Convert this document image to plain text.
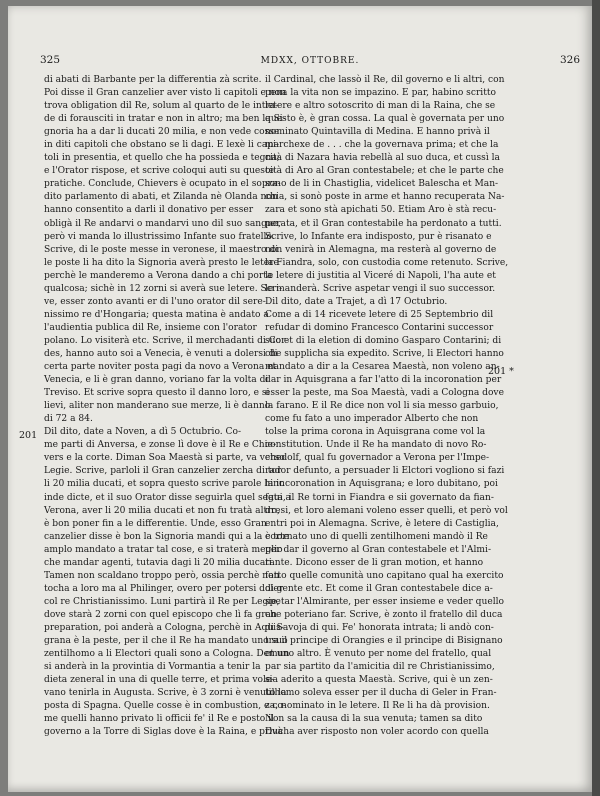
325	MDXX, OTTOBRE.	326
di abati di Barbante per la differentia zà scrite.
Poi disse il Gran canzelier aver visto li capitoli e non
trova obligation dil Re, solum al quarto de le intra-
de di forausciti in tratar e non in altro; ma ben la Si-
gnoria ha a dar li ducati 20 milia, e non vede cosse
in diti capitoli che obstano se li dagi. E lexè li capi-
toli in presentia, et quello che ha possieda e tegna;
e l'Orator rispose, et scrive coloqui auti su queste
pratiche. Conclude, Chievers è ocupato in el sopra-
dito parlamento di abati, et Zilanda nè Olanda non
hanno consentito a darli il donativo per esser
obligà il Re andarvi o mandarvi uno dil suo sangue,
però vi manda lo illustrissimo Infante suo fratello.
Scrive, di le poste messe in veronese, il maestro di
le poste li ha dito la Signoria averà presto le letere
perchè le manderemo a Verona dando a chi porta
qualcosa; sichè in 12 zorni si averà sue letere. Scri-
ve, esser zonto avanti er di l'uno orator dil sere-
nissimo re d'Hongaria; questa matina è andato a
l'audientia publica dil Re, insieme con l'orator
polano. Lo visiterà etc. Scrive, il merchadanti di Cor-
des, hanno auto soi a Venecia, è venuti a dolersi di
certa parte noviter posta pagi da novo a Verona et
Venecia, e li è gran danno, voriano far la volta di
Treviso. Et scrive sopra questo il danno loro, e si
lievi, aliter non manderano sue merze, li è danno
di 72 a 84.
Dil dito, date a Noven, a dì 5 Octubrio. Co-
me parti di Anversa, e zonse lì dove è il Re e Chie-
vers e la corte. Diman Soa Maestà si parte, va verso
Legie. Scrive, parloli il Gran canzelier zercha di tor
li 20 milia ducati, et sopra questo scrive parole hinc
inde dicte, et il suo Orator disse seguirla quel segui a
Verona, aver li 20 milia ducati et non fu tratà altro,
è bon poner fin a le differentie. Unde, esso Gran
canzelier disse è bon la Signoria mandi qui a la corte
amplo mandato a tratar tal cose, e si traterà meglio
che mandar agenti, tutavia dagi li 20 milia ducati.
Tamen non scaldano troppo però, ossia perchè non
tocha a loro ma al Philinger, overo per potersi doler
col re Christianissimo. Luni partirà il Re per Legie,
dove starà 2 zorni con quel episcopo che lì fa gran
preparation, poi anderà a Cologna, perchè in Aquis-
grana è la peste, per il che il Re ha mandato uno suo
zentilhomo a li Electori quali sono a Cologna. Demun
si anderà in la provintia di Vormantia a tenir la
dieta zeneral in una di quelle terre, et prima vole-
vano tenirla in Augusta. Scrive, è 3 zorni è venuto la
posta di Spagna. Quelle cosse è in combustion, e co-
me quelli hanno privato li officii fe' il Re e posto il
governo a la Torre di Siglas dove è la Raina, e privà
il Cardinal, che lassò il Re, dil governo e li altri, con
pena la vita non se impazino. E par, habino scritto
letere e altro sotoscrito di man di la Raina, che se
questo è, è gran cossa. La qual è governata per uno
nominato Quintavilla di Medina. E hanno privà il
marchexe de . . . che la governava prima; et che la
cità di Nazara havia rebellà al suo duca, et cussì la
cità di Aro al Gran contestabele; et che le parte che
sono de li in Chastiglia, videlicet Balescha et Man-
chia, si sonò poste in arme et hanno recuperata Na-
zara et sono stà apichati 50. Etiam Aro è stà recu-
perata, et il Gran contestabile ha perdonato a tutti.
Scrive, lo Infante era indisposto, pur è risanato e
non venirà in Alemagna, ma resterà al governo de
la Fiandra, solo, con custodia come retenuto. Scrive,
le letere di justitia al Viceré di Napoli, l'ha aute et
le manderà. Scrive aspetar vengi il suo successor.
Dil dito, date a Trajet, a dì 17 Octubrio.
Come a di 14 ricevete letere di 25 Septembrio dil
refudar di domino Francesco Contarini successor
suo et di la eletion di domino Gasparo Contarini; di
che supplicha sia expedito. Scrive, li Electori hanno
mandato a dir a la Cesarea Maestà, non voleno an-
dar in Aquisgrana a far l'atto di la incoronation per
esser la peste, ma Soa Maestà, vadi a Cologna dove
la farano. E il Re dice non vol li sia messo garbuio,
come fu fato a uno imperador Alberto che non
tolse la prima corona in Aquisgrana come vol la
constitution. Unde il Re ha mandato di novo Ro-
chedolf, qual fu governador a Verona per l'Impe-
rador defunto, a persuader li Elctori vogliono si fazi
la incoronation in Aquisgrana; e loro dubitano, poi
fata, il Re torni in Fiandra e sii governato da fian-
dresi, et loro alemani voleno esser quelli, et però vol
entri poi in Alemagna. Scrive, è letere di Castiglia,
è tornato uno di quelli zentilhomeni mandò il Re
per dar il governo al Gran contestabele et l'Almi-
rante. Dicono esser de li gran motion, et hanno
fatto quelle comunità uno capitano qual ha exercito
di gente etc. Et come il Gran contestabele dice a-
spetar l'Almirante, per esser insieme e veder quello
che poteriano far. Scrive, è zonto il fratello dil duca
di Savoja di qui. Fe' honorata intrata; li andò con-
tra il principe di Orangies e il principe di Bisignano
et uno altro. È venuto per nome del fratello, qual
par sia partito da l'amicitia dil re Christianissimo,
sia aderito a questa Maestà. Scrive, qui è un zen-
tilhomo soleva esser per il ducha di Geler in Fran-
za, nominato in le letere. Il Re li ha dà provision.
Non sa la causa di la sua venuta; tamen sa dito
Ducha aver risposto non voler acordo con quella
201
201 *
